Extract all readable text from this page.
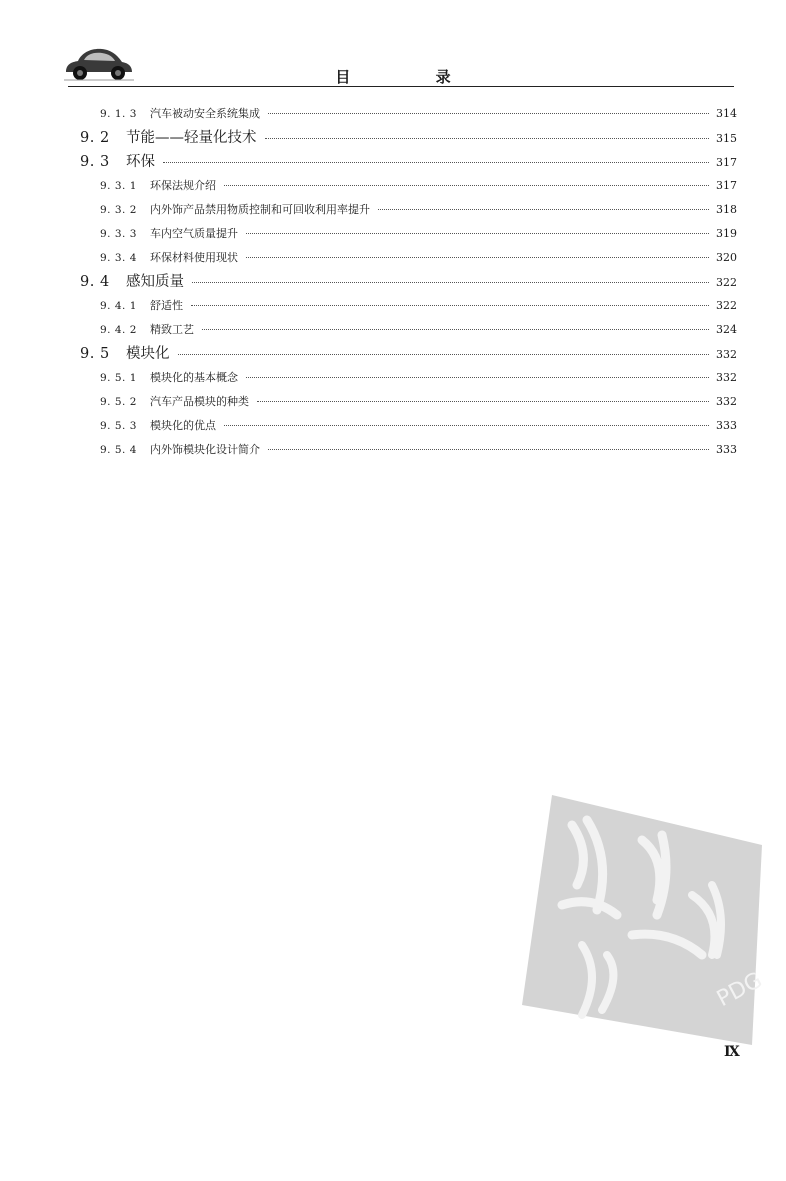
目 录
9. 1. 3	汽车被动安全系统集成	314
9. 2	节能——轻量化技术	315
9. 3	环保	317
9. 3. 1	环保法规介绍	317
9. 3. 2	内外饰产品禁用物质控制和可回收利用率提升	318
9. 3. 3	车内空气质量提升	319
9. 3. 4	环保材料使用现状	320
9. 4	感知质量	322
9. 4. 1	舒适性	322
9. 4. 2	精致工艺	324
9. 5	模块化	332
9. 5. 1	模块化的基本概念	332
9. 5. 2	汽车产品模块的种类	332
9. 5. 3	模块化的优点	333
9. 5. 4	内外饰模块化设计简介	333
PDG
Ⅸ
